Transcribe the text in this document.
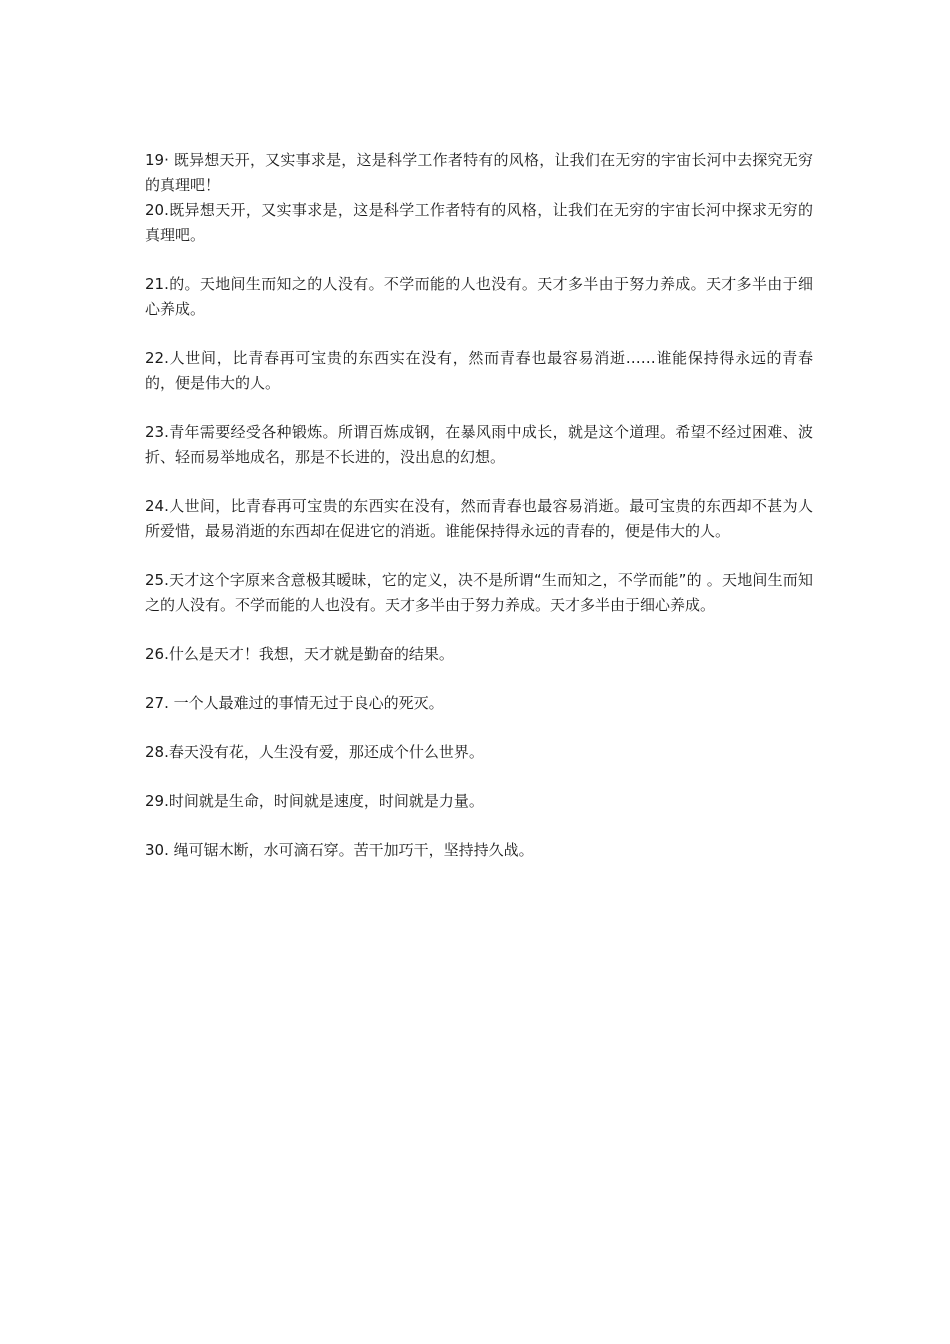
19· 既异想天开，又实事求是，这是科学工作者特有的风格，让我们在无穷的宇宙长河中去探究无穷的真理吧！

20.既异想天开，又实事求是，这是科学工作者特有的风格，让我们在无穷的宇宙长河中探求无穷的真理吧。

21.的。天地间生而知之的人没有。不学而能的人也没有。天才多半由于努力养成。天才多半由于细心养成。

22.人世间，比青春再可宝贵的东西实在没有，然而青春也最容易消逝……谁能保持得永远的青春的，便是伟大的人。

23.青年需要经受各种锻炼。所谓百炼成钢，在暴风雨中成长，就是这个道理。希望不经过困难、波折、轻而易举地成名，那是不长进的，没出息的幻想。

24.人世间，比青春再可宝贵的东西实在没有，然而青春也最容易消逝。最可宝贵的东西却不甚为人所爱惜，最易消逝的东西却在促进它的消逝。谁能保持得永远的青春的，便是伟大的人。

25.天才这个字原来含意极其暧昧，它的定义，决不是所谓“生而知之，不学而能”的 。天地间生而知之的人没有。不学而能的人也没有。天才多半由于努力养成。天才多半由于细心养成。

26.什么是天才！我想，天才就是勤奋的结果。

27. 一个人最难过的事情无过于良心的死灭。

28.春天没有花，人生没有爱，那还成个什么世界。

29.时间就是生命，时间就是速度，时间就是力量。

30. 绳可锯木断，水可滴石穿。苦干加巧干，坚持持久战。
